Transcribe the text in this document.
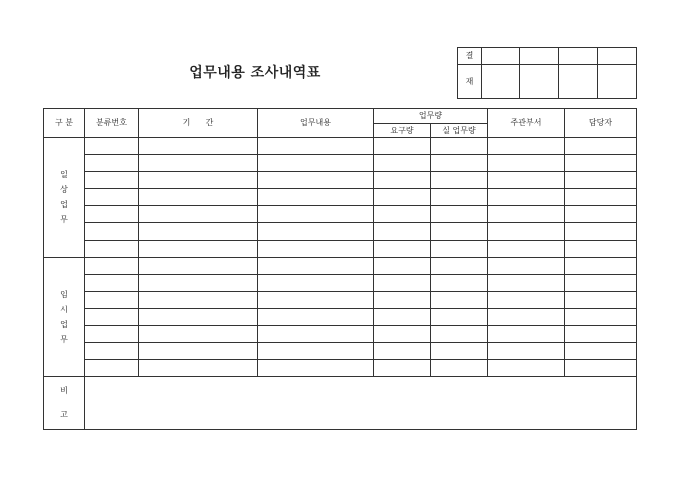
업무내용 조사내역표
결				
재				
구 분	분류번호	기      간	업무내용	업무량		주관부서	담당자
				요구량	실 업무량		

일
상
업
무							

임
시
업
무							

비
고							
